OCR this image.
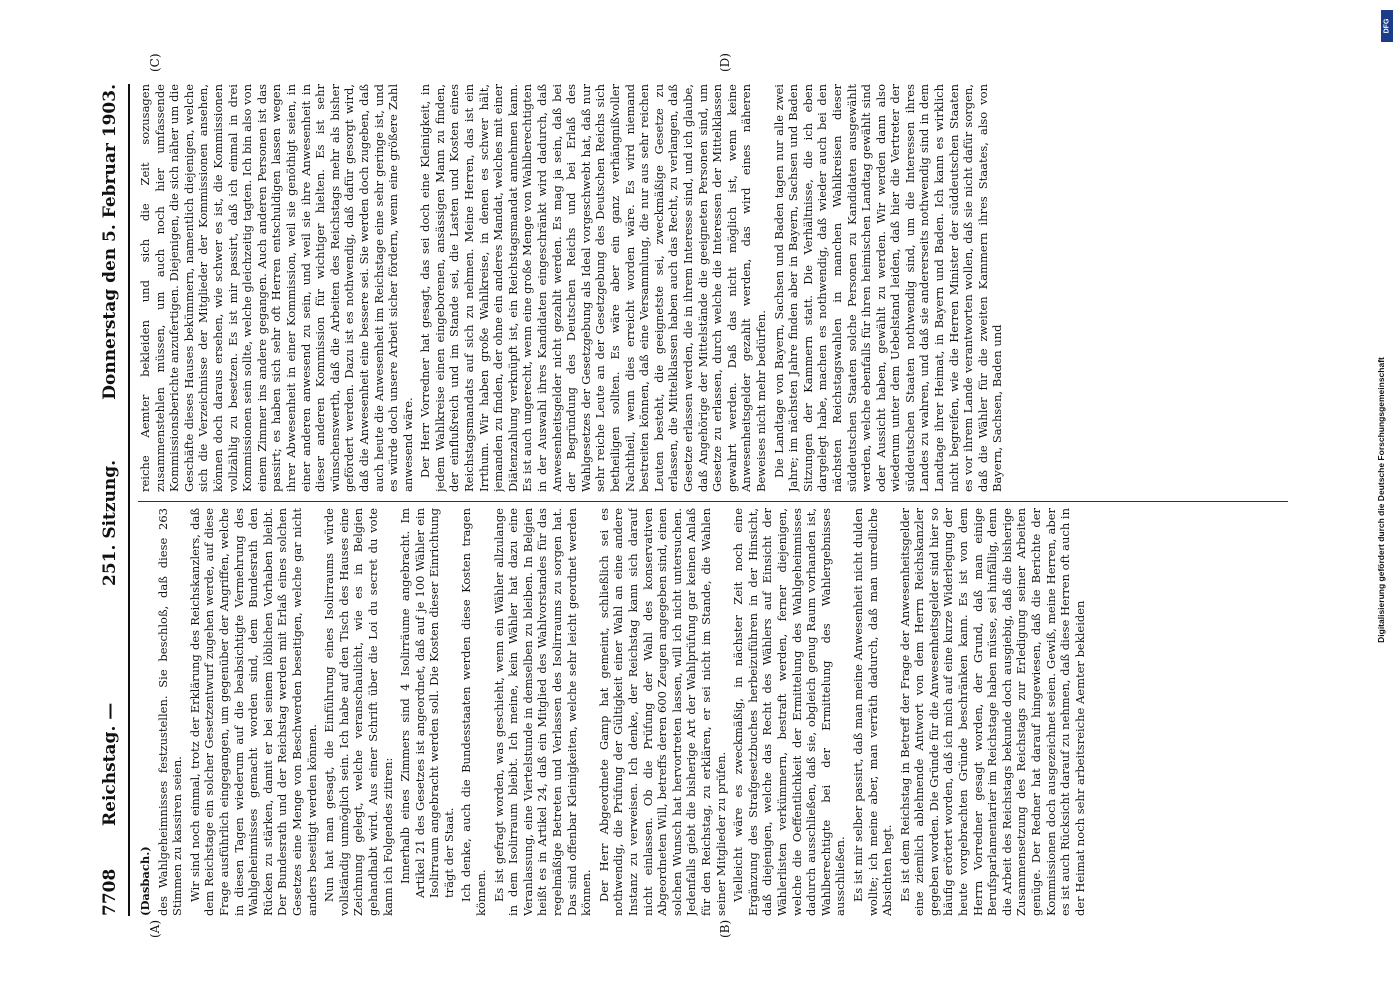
7708
Reichstag. —
251. Sitzung.
Donnerstag den 5. Februar 1903.
(A)	(B)
(C)	(D)

(Dasbach.) des Wahlgeheimnisses festzustellen. Sie beschloß, daß diese 263 Stimmen zu kassiren seien. Wir sind noch einmal, trotz der Erklärung des Reichskanzlers, daß dem Reichstage ein solcher Gesetzentwurf zugehen werde, auf diese Frage ausführlich eingegangen, um gegenüber der Angriffen, welche in diesen Tagen wiederum auf die beabsichtigte Vermehrung des Wahlgeheimnisses gemacht worden sind, dem Bundesrath den Rücken zu stärken, damit er bei seinem löblichen Vorhaben bleibt. Der Bundesrath und der Reichstag werden mit Erlaß eines solchen Gesetzes eine Menge von Beschwerden beseitigen, welche gar nicht anders beseitigt werden können. Nun hat man gesagt, die Einführung eines Isolirraums würde vollständig unmöglich sein. Ich habe auf den Tisch des Hauses eine Zeichnung gelegt, welche veranschaulicht, wie es in Belgien gehandhabt wird. Aus einer Schrift über die Loi du secret du vote kann ich Folgendes zitiren: Innerhalb eines Zimmers sind 4 Isolirräume angebracht. Im Artikel 21 des Gesetzes ist angeordnet, daß auf je 100 Wähler ein Isolirraum angebracht werden soll. Die Kosten dieser Einrichtung trägt der Staat. Ich denke, auch die Bundesstaaten werden diese Kosten tragen können. Es ist gefragt worden, was geschieht, wenn ein Wähler allzulange in dem Isolirraum bleibt. Ich meine, kein Wähler hat dazu eine Veranlassung, eine Viertelstunde in demselben zu bleiben. In Belgien heißt es in Artikel 24, daß ein Mitglied des Wahlvorstandes für das regelmäßige Betreten und Verlassen des Isolirraums zu sorgen hat. Das sind offenbar Kleinigkeiten, welche sehr leicht geordnet werden können. Der Herr Abgeordnete Gamp hat gemeint, schließlich sei es nothwendig, die Prüfung der Gültigkeit einer Wahl an eine andere Instanz zu verweisen. Ich denke, der Reichstag kann sich darauf nicht einlassen. Ob die Prüfung der Wahl des konservativen Abgeordneten Will, betreffs deren 600 Zeugen angegeben sind, einen solchen Wunsch hat hervortreten lassen, will ich nicht untersuchen. Jedenfalls giebt die bisherige Art der Wahlprüfung gar keinen Anlaß für den Reichstag, zu erklären, er sei nicht im Stande, die Wahlen seiner Mitglieder zu prüfen. Vielleicht wäre es zweckmäßig, in nächster Zeit noch eine Ergänzung des Strafgesetzbuches herbeizuführen in der Hinsicht, daß diejenigen, welche das Recht des Wählers auf Einsicht der Wählerlisten verkümmern, bestraft werden, ferner diejenigen, welche die Oeffentlichkeit der Ermittelung des Wahlgeheimnisses dadurch ausschließen, daß sie, obgleich genug Raum vorhanden ist, Wahlberechtigte bei der Ermittelung des Wahlergebnisses ausschließen. Es ist mir selber passirt, daß man meine Anwesenheit nicht dulden wollte; ich meine aber, man verräth dadurch, daß man unredliche Absichten hegt. Es ist dem Reichstag in Betreff der Frage der Anwesenheitsgelder eine ziemlich ablehnende Antwort von dem Herrn Reichskanzler gegeben worden. Die Gründe für die Anwesenheitsgelder sind hier so häufig erörtert worden, daß ich mich auf eine kurze Widerlegung der heute vorgebrachten Gründe beschränken kann. Es ist von dem Herrn Vorredner gesagt worden, der Grund, daß man einige Berufsparlamentarier im Reichstage haben müsse, sei hinfällig, denn die Arbeit des Reichstags bekunde doch ausgiebig, daß die bisherige Zusammensetzung des Reichstags zur Erledigung seiner Arbeiten genüge. Der Redner hat darauf hingewiesen, daß die Berichte der Kommissionen doch ausgezeichnet seien. Gewiß, meine Herren, aber es ist auch Rücksicht darauf zu nehmen, daß diese Herren oft auch in der Heimat noch sehr arbeitsreiche Aemter bekleiden

reiche Aemter bekleiden und sich die Zeit sozusagen zusammenstehlen müssen, um auch noch hier umfassende Kommissionsberichte anzufertigen. Diejenigen, die sich näher um die Geschäfte dieses Hauses bekümmern, namentlich diejenigen, welche sich die Verzeichnisse der Mitglieder der Kommissionen ansehen, können doch daraus ersehen, wie schwer es ist, die Kommissionen vollzählig zu besetzen. Es ist mir passirt, daß ich einmal in drei Kommissionen sein sollte, welche gleichzeitig tagten. Ich bin also von einem Zimmer ins andere gegangen. Auch anderen Personen ist das passirt; es haben sich sehr oft Herren entschuldigen lassen wegen ihrer Abwesenheit in einer Kommission, weil sie genöthigt seien, in einer anderen anwesend zu sein, und weil sie ihre Anwesenheit in dieser anderen Kommission für wichtiger hielten. Es ist sehr wünschenswerth, daß die Arbeiten des Reichstags mehr als bisher gefördert werden. Dazu ist es nothwendig, daß dafür gesorgt wird, daß die Anwesenheit eine bessere sei. Sie werden doch zugeben, daß auch heute die Anwesenheit im Reichstage eine sehr geringe ist, und es würde doch unsere Arbeit sicher fördern, wenn eine größere Zahl anwesend wäre. Der Herr Vorredner hat gesagt, das sei doch eine Kleinigkeit, in jedem Wahlkreise einen eingeborenen, ansässigen Mann zu finden, der einflußreich und im Stande sei, die Lasten und Kosten eines Reichstagsmandats auf sich zu nehmen. Meine Herren, das ist ein Irrthum. Wir haben große Wahlkreise, in denen es schwer hält, jemanden zu finden, der ohne ein anderes Mandat, welches mit einer Diätenzahlung verknüpft ist, ein Reichstagsmandat annehmen kann. Es ist auch ungerecht, wenn eine große Menge von Wahlberechtigten in der Auswahl ihres Kandidaten eingeschränkt wird dadurch, daß Anwesenheitsgelder nicht gezahlt werden. Es mag ja sein, daß bei der Begründung des Deutschen Reichs und bei Erlaß des Wahlgesetzes der Gesetzgebung als Ideal vorgeschwebt hat, daß nur sehr reiche Leute an der Gesetzgebung des Deutschen Reichs sich betheiligen sollten. Es wäre aber ein ganz verhängnißvoller Nachtheil, wenn dies erreicht worden wäre. Es wird niemand bestreiten können, daß eine Versammlung, die nur aus sehr reichen Leuten besteht, die geeignetste sei, zweckmäßige Gesetze zu erlassen, die Mittelklassen haben auch das Recht, zu verlangen, daß Gesetze erlassen werden, die in ihrem Interesse sind, und ich glaube, daß Angehörige der Mittelstände die geeigneten Personen sind, um Gesetze zu erlassen, durch welche die Interessen der Mittelklassen gewahrt werden. Daß das nicht möglich ist, wenn keine Anwesenheitsgelder gezahlt werden, das wird eines näheren Beweises nicht mehr bedürfen. Die Landtage von Bayern, Sachsen und Baden tagen nur alle zwei Jahre; im nächsten Jahre finden aber in Bayern, Sachsen und Baden Sitzungen der Kammern statt. Die Verhältnisse, die ich eben dargelegt habe, machen es nothwendig, daß wieder auch bei den nächsten Reichstagswahlen in manchen Wahlkreisen dieser süddeutschen Staaten solche Personen zu Kandidaten ausgewählt werden, welche ebenfalls für ihren heimischen Landtag gewählt sind oder Aussicht haben, gewählt zu werden. Wir werden dann also wiederum unter dem Uebelstand leiden, daß hier die Vertreter der süddeutschen Staaten nothwendig sind, um die Interessen ihres Landes zu wahren, und daß sie andererseits nothwendig sind in dem Landtage ihrer Heimat, in Bayern und Baden. Ich kann es wirklich nicht begreifen, wie die Herren Minister der süddeutschen Staaten es vor ihrem Lande verantworten wollen, daß sie nicht dafür sorgen, daß die Wähler für die zweiten Kammern ihres Staates, also von Bayern, Sachsen, Baden und

DFG
Digitalisierung gefördert durch die Deutsche Forschungsgemeinschaft
